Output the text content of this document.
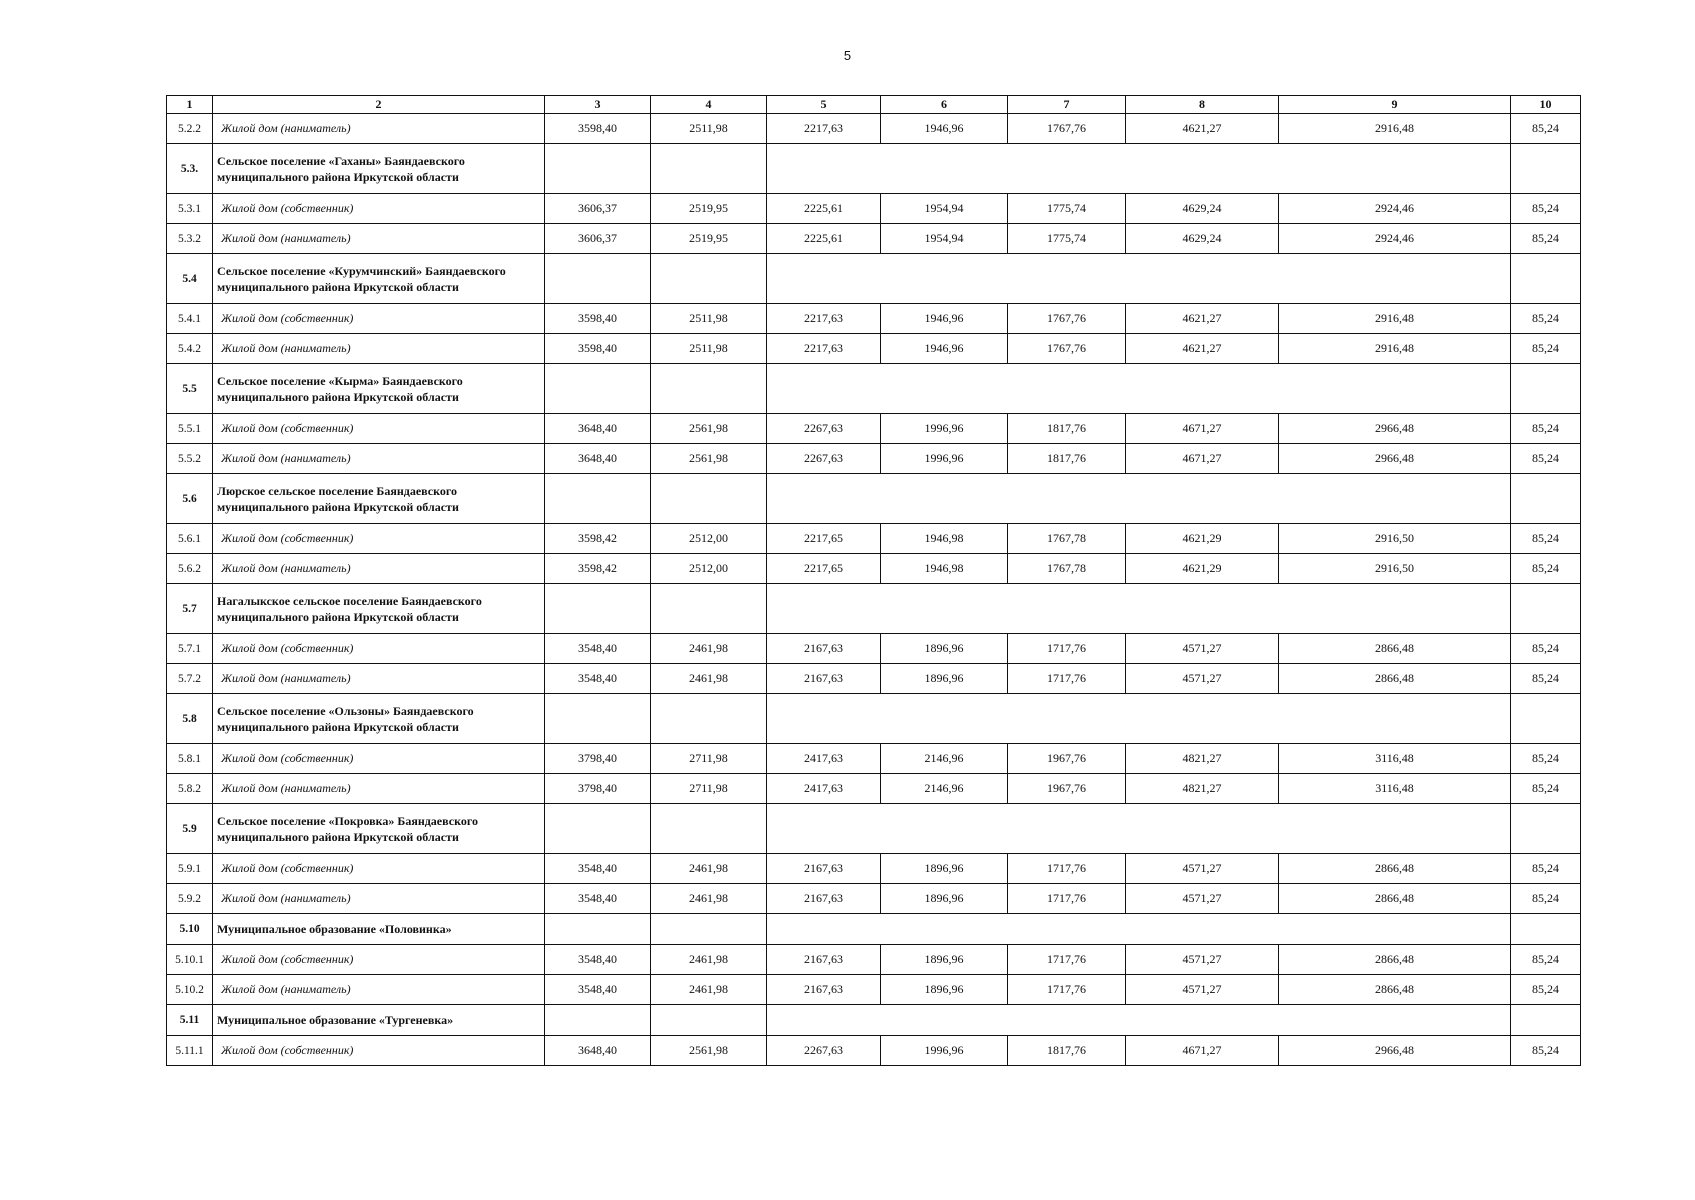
5
1	2	3	4	5	6	7	8	9	10
5.2.2	Жилой дом (наниматель)	3598,40	2511,98	2217,63	1946,96	1767,76	4621,27	2916,48	85,24
5.3.	Сельское поселение «Гаханы» Баяндаевского муниципального района Иркутской области								
5.3.1	Жилой дом (собственник)	3606,37	2519,95	2225,61	1954,94	1775,74	4629,24	2924,46	85,24
5.3.2	Жилой дом (наниматель)	3606,37	2519,95	2225,61	1954,94	1775,74	4629,24	2924,46	85,24
5.4	Сельское поселение «Курумчинский» Баяндаевского муниципального района Иркутской области								
5.4.1	Жилой дом (собственник)	3598,40	2511,98	2217,63	1946,96	1767,76	4621,27	2916,48	85,24
5.4.2	Жилой дом (наниматель)	3598,40	2511,98	2217,63	1946,96	1767,76	4621,27	2916,48	85,24
5.5	Сельское поселение «Кырма» Баяндаевского муниципального района Иркутской области								
5.5.1	Жилой дом (собственник)	3648,40	2561,98	2267,63	1996,96	1817,76	4671,27	2966,48	85,24
5.5.2	Жилой дом (наниматель)	3648,40	2561,98	2267,63	1996,96	1817,76	4671,27	2966,48	85,24
5.6	Люрское сельское поселение Баяндаевского муниципального района Иркутской области								
5.6.1	Жилой дом (собственник)	3598,42	2512,00	2217,65	1946,98	1767,78	4621,29	2916,50	85,24
5.6.2	Жилой дом (наниматель)	3598,42	2512,00	2217,65	1946,98	1767,78	4621,29	2916,50	85,24
5.7	Нагалыкское сельское поселение Баяндаевского муниципального района Иркутской области								
5.7.1	Жилой дом (собственник)	3548,40	2461,98	2167,63	1896,96	1717,76	4571,27	2866,48	85,24
5.7.2	Жилой дом (наниматель)	3548,40	2461,98	2167,63	1896,96	1717,76	4571,27	2866,48	85,24
5.8	Сельское поселение «Ользоны» Баяндаевского муниципального района Иркутской области								
5.8.1	Жилой дом (собственник)	3798,40	2711,98	2417,63	2146,96	1967,76	4821,27	3116,48	85,24
5.8.2	Жилой дом (наниматель)	3798,40	2711,98	2417,63	2146,96	1967,76	4821,27	3116,48	85,24
5.9	Сельское поселение «Покровка» Баяндаевского муниципального района Иркутской области								
5.9.1	Жилой дом (собственник)	3548,40	2461,98	2167,63	1896,96	1717,76	4571,27	2866,48	85,24
5.9.2	Жилой дом (наниматель)	3548,40	2461,98	2167,63	1896,96	1717,76	4571,27	2866,48	85,24
5.10	Муниципальное образование «Половинка»								
5.10.1	Жилой дом (собственник)	3548,40	2461,98	2167,63	1896,96	1717,76	4571,27	2866,48	85,24
5.10.2	Жилой дом (наниматель)	3548,40	2461,98	2167,63	1896,96	1717,76	4571,27	2866,48	85,24
5.11	Муниципальное образование «Тургеневка»								
5.11.1	Жилой дом (собственник)	3648,40	2561,98	2267,63	1996,96	1817,76	4671,27	2966,48	85,24
